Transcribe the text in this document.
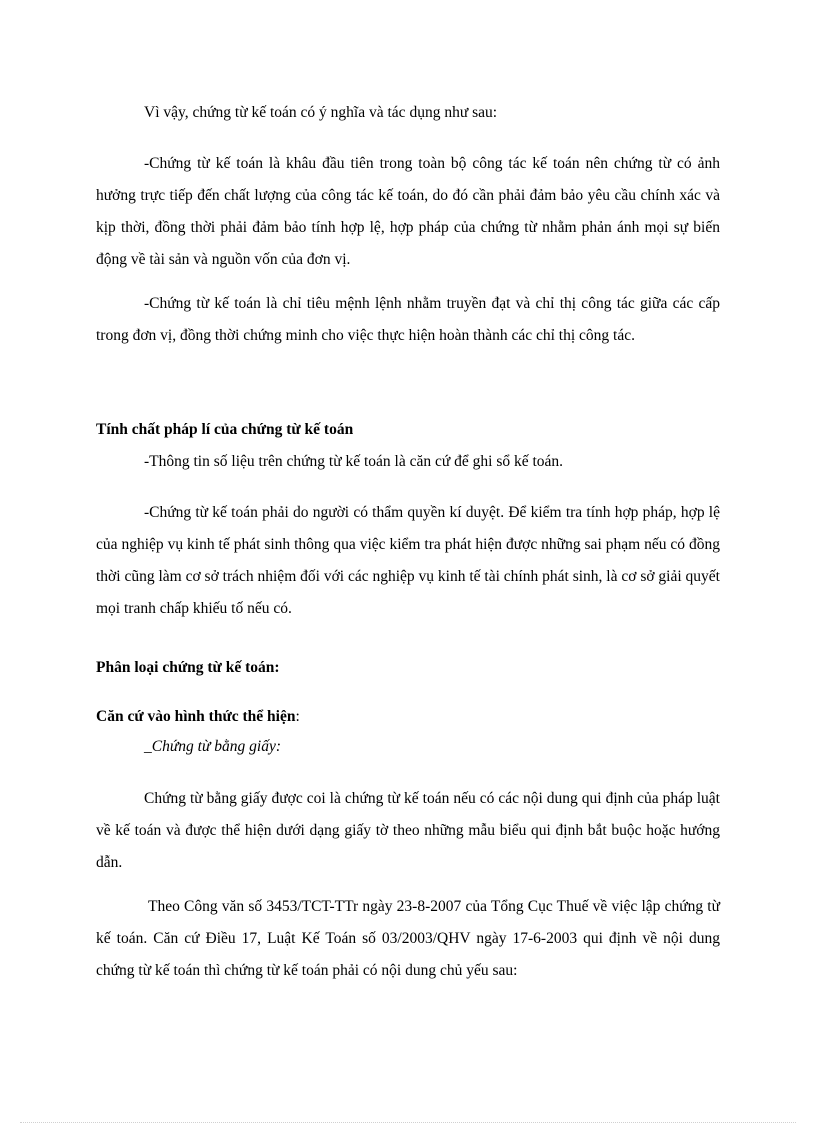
Vì vậy, chứng từ kế toán có ý nghĩa và tác dụng như sau:

-Chứng từ kế toán là khâu đầu tiên trong toàn bộ công tác kế toán nên chứng từ có ảnh hưởng trực tiếp đến chất lượng của công tác kế toán, do đó cần phải đảm bảo yêu cầu chính xác và kịp thời, đồng thời phải đảm bảo tính hợp lệ, hợp pháp của chứng từ nhằm phản ánh mọi sự biến động về tài sản và nguồn vốn của đơn vị.

-Chứng từ kế toán là chỉ tiêu mệnh lệnh nhằm truyền đạt và chỉ thị công tác giữa các cấp trong đơn vị, đồng thời chứng minh cho việc thực hiện hoàn thành các chỉ thị công tác.

Tính chất pháp lí của chứng từ kế toán

-Thông tin số liệu trên chứng từ kế toán là căn cứ để ghi sổ kế toán.

-Chứng từ kế toán phải do người có thẩm quyền kí duyệt. Để kiểm tra tính hợp pháp, hợp lệ của nghiệp vụ kinh tế phát sinh thông qua việc kiểm tra phát hiện được những sai phạm nếu có đồng thời cũng làm cơ sở trách nhiệm đối với các nghiệp vụ kinh tế tài chính phát sinh, là cơ sở giải quyết mọi tranh chấp khiếu tố nếu có.

Phân loại chứng từ kế toán:

Căn cứ vào hình thức thể hiện:

_Chứng từ bằng giấy:

Chứng từ bằng giấy được coi là chứng từ kế toán nếu có các nội dung qui định của pháp luật về kế toán và được thể hiện dưới dạng giấy tờ theo những mẫu biểu qui định bắt buộc hoặc hướng dẫn.

Theo Công văn số 3453/TCT-TTr ngày 23-8-2007 của Tổng Cục Thuế về việc lập chứng từ kế toán. Căn cứ Điều 17, Luật Kế Toán số 03/2003/QHV ngày 17-6-2003 qui định về nội dung chứng từ kế toán thì chứng từ kế toán phải có nội dung chủ yếu sau:
